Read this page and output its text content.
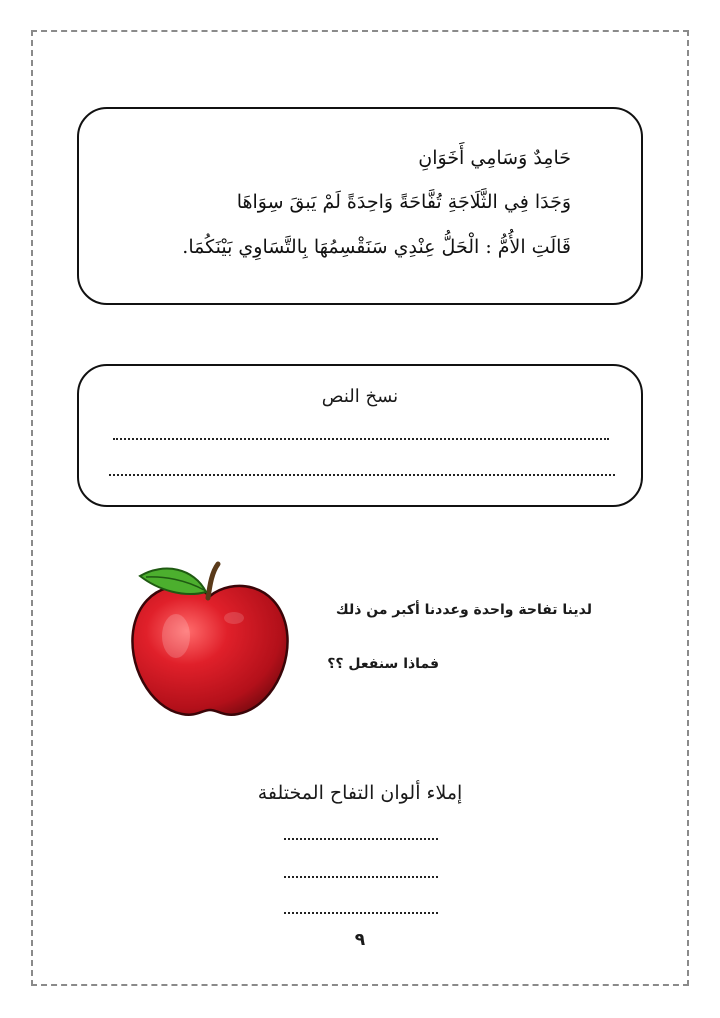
حَامِدٌ وَسَامِي أَخَوَانِ
وَجَدَا فِي الثَّلَاجَةِ تُفَّاحَةً وَاحِدَةً لَمْ يَبقَ سِوَاهَا
قَالَتِ الأُمُّ : الْحَلُّ عِنْدِي سَنَقْسِمُهَا بِالتَّسَاوِي بَيْنَكُمَا.
نسخ النص
لدينا تفاحة واحدة وعددنا أكبر من ذلك
فماذا سنفعل ؟؟
إملاء ألوان التفاح المختلفة
٩
